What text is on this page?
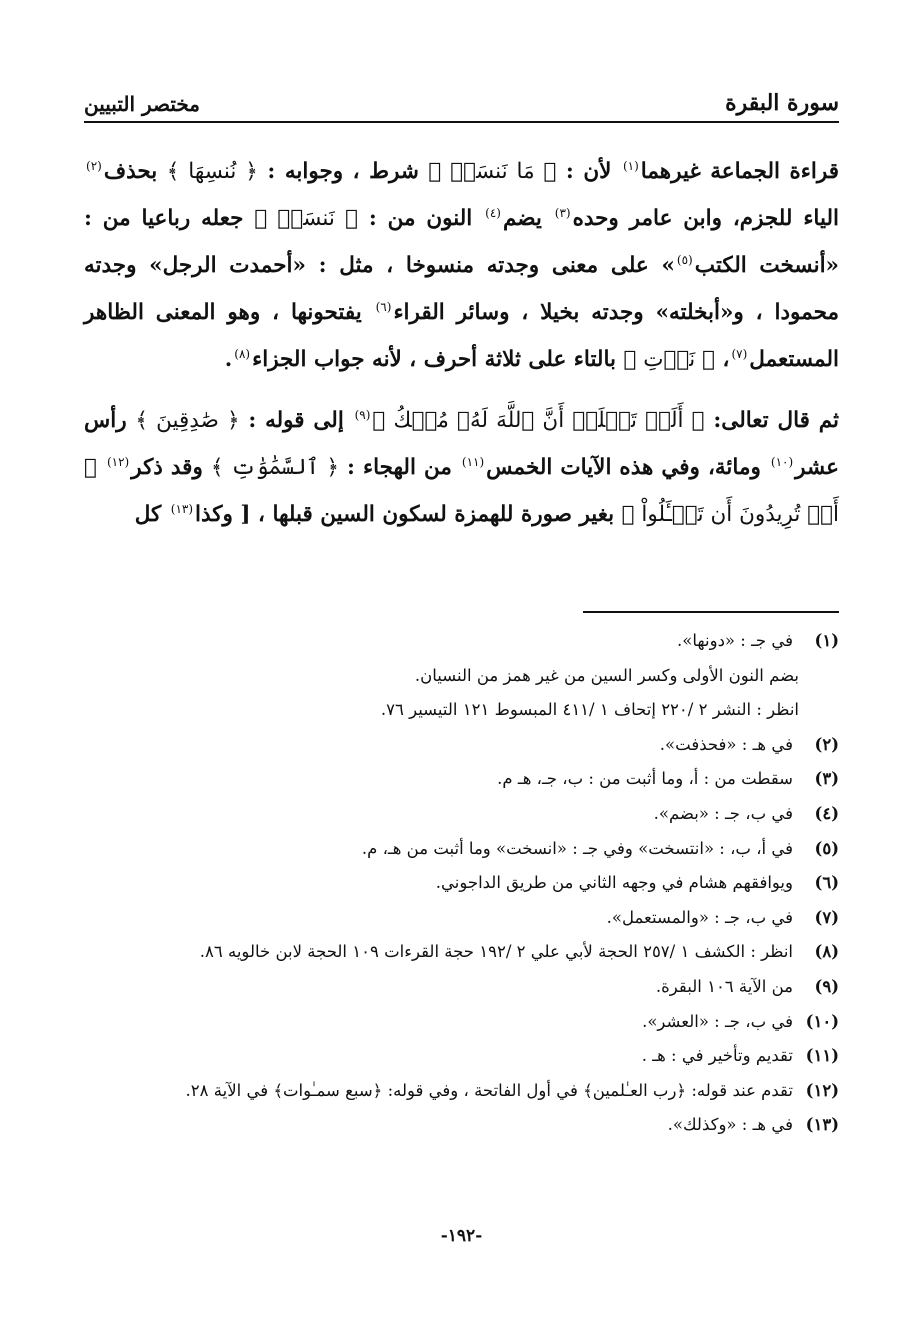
سورة البقرة
مختصر التبيين

قراءة الجماعة غيرهما$^{(١)}$ لأن : ﴿ مَا نَنسَخۡ ﴾ شرط ، وجوابه : ﴿ نُنسِهَا ﴾ بحذف$^{(٢)}$ الياء للجزم، وابن عامر وحده$^{(٣)}$ يضم$^{(٤)}$ النون من : ﴿ نَنسَخۡ ﴾ جعله رباعيا من : «أنسخت الكتب$^{(٥)}$» على معنى وجدته منسوخا ، مثل : «أحمدت الرجل» وجدته محمودا ، و«أبخلته» وجدته بخيلا ، وسائر القراء$^{(٦)}$ يفتحونها ، وهو المعنى الظاهر المستعمل$^{(٧)}$، ﴿ نَأۡتِ ﴾ بالتاء على ثلاثة أحرف ، لأنه جواب الجزاء$^{(٨)}$.

ثم قال تعالى: ﴿ أَلَمۡ تَعۡلَمۡ أَنَّ ٱللَّهَ لَهُۥ مُلۡكُ ﴾$^{(٩)}$ إلى قوله : ﴿ صَٰدِقِينَ ﴾ رأس عشر$^{(١٠)}$ ومائة، وفي هذه الآيات الخمس$^{(١١)}$ من الهجاء : ﴿ ٱلسَّمَٰوَٰتِ ﴾ وقد ذكر$^{(١٢)}$ ﴿ أَمۡ تُرِيدُونَ أَن تَسۡـَٔلُواْ ﴾ بغير صورة للهمزة لسكون السين قبلها ، [ وكذا$^{(١٣)}$ كل

(١)
في جـ : «دونها».
بضم النون الأولى وكسر السين من غير همز من النسيان.
انظر : النشر ٢ /٢٢٠ إتحاف ١ /٤١١ المبسوط ١٢١ التيسير ٧٦.
(٢)
في هـ : «فحذفت».
(٣)
سقطت من : أ، وما أثبت من : ب، جـ، هـ م.
(٤)
في ب، جـ : «بضم».
(٥)
في أ، ب، : «انتسخت» وفي جـ : «انسخت» وما أثبت من هـ، م.
(٦)
ويوافقهم هشام في وجهه الثاني من طريق الداجوني.
(٧)
في ب، جـ : «والمستعمل».
(٨)
انظر : الكشف ١ /٢٥٧ الحجة لأبي علي ٢ /١٩٢ حجة القرءات ١٠٩ الحجة لابن خالويه ٨٦.
(٩)
من الآية ١٠٦ البقرة.
(١٠)
في ب، جـ : «العشر».
(١١)
تقديم وتأخير في : هـ .
(١٢)
تقدم عند قوله: ﴿رب العـٰلمين﴾ في أول الفاتحة ، وفي قوله: ﴿سبع سمـٰوات﴾ في الآية ٢٨.
(١٣)
في هـ : «وكذلك».
-١٩٢-
